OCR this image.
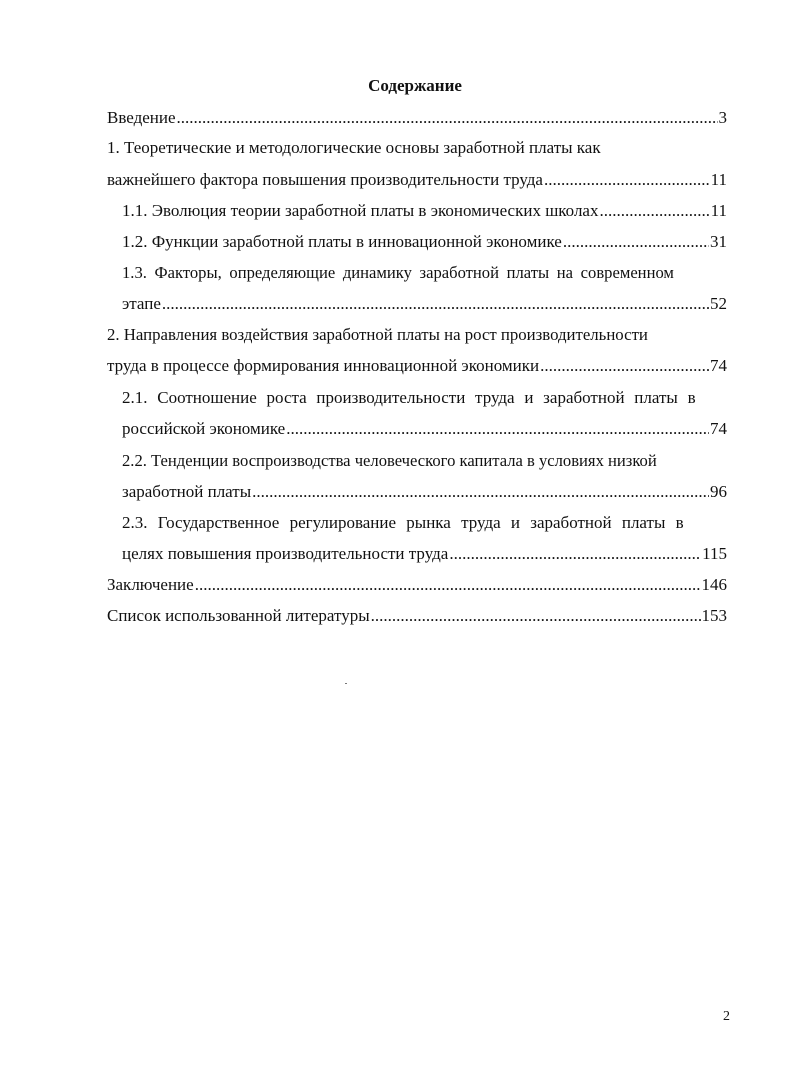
Содержание
Введение .....	3
1. Теоретические и методологические основы заработной платы как
важнейшего фактора повышения производительности труда .....	11
1.1. Эволюция теории заработной платы в экономических школах .....	11
1.2. Функции заработной платы в инновационной экономике .....	31
1.3. Факторы, определяющие динамику заработной платы на современном
этапе .....	52
2. Направления воздействия заработной платы на рост производительности
труда в процессе формирования инновационной экономики .....	74
2.1. Соотношение роста производительности труда и заработной платы в
российской экономике .....	74
2.2. Тенденции воспроизводства человеческого капитала в условиях низкой
заработной платы .....	96
2.3. Государственное регулирование рынка труда и заработной платы в
целях повышения производительности труда .....	115
Заключение .....	146
Список использованной литературы .....	153
2
